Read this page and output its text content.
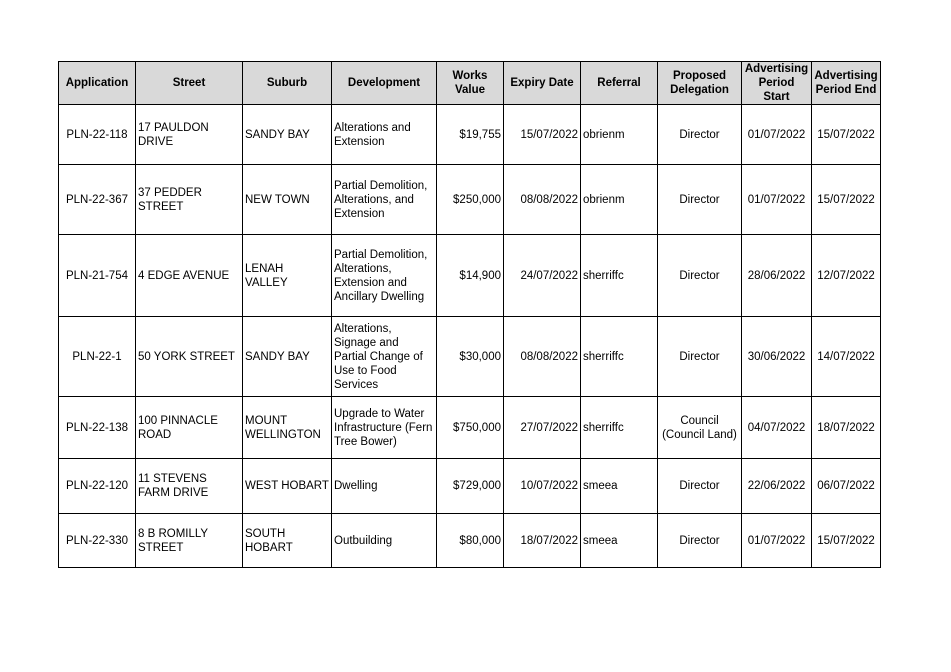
Application	Street	Suburb	Development	Works Value	Expiry Date	Referral	Proposed Delegation	Advertising Period Start	Advertising Period End
PLN-22-118	17 PAULDON DRIVE	SANDY BAY	Alterations and Extension	$19,755	15/07/2022	obrienm	Director	01/07/2022	15/07/2022
PLN-22-367	37 PEDDER STREET	NEW TOWN	Partial Demolition, Alterations, and Extension	$250,000	08/08/2022	obrienm	Director	01/07/2022	15/07/2022
PLN-21-754	4 EDGE AVENUE	LENAH VALLEY	Partial Demolition, Alterations, Extension and Ancillary Dwelling	$14,900	24/07/2022	sherriffc	Director	28/06/2022	12/07/2022
PLN-22-1	50 YORK STREET	SANDY BAY	Alterations, Signage and Partial Change of Use to Food Services	$30,000	08/08/2022	sherriffc	Director	30/06/2022	14/07/2022
PLN-22-138	100 PINNACLE ROAD	MOUNT WELLINGTON	Upgrade to Water Infrastructure (Fern Tree Bower)	$750,000	27/07/2022	sherriffc	Council (Council Land)	04/07/2022	18/07/2022
PLN-22-120	11 STEVENS FARM DRIVE	WEST HOBART	Dwelling	$729,000	10/07/2022	smeea	Director	22/06/2022	06/07/2022
PLN-22-330	8 B ROMILLY STREET	SOUTH HOBART	Outbuilding	$80,000	18/07/2022	smeea	Director	01/07/2022	15/07/2022
